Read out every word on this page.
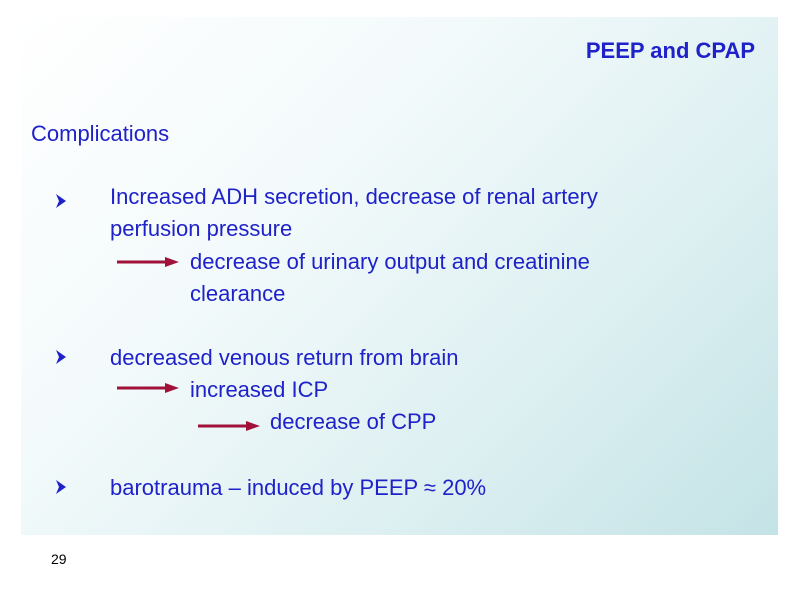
PEEP and CPAP
Complications
Increased ADH secretion, decrease of renal artery
perfusion pressure
decrease of urinary output and creatinine
clearance
decreased venous return from brain
increased ICP
decrease of CPP
barotrauma – induced by PEEP ≈ 20%
29
